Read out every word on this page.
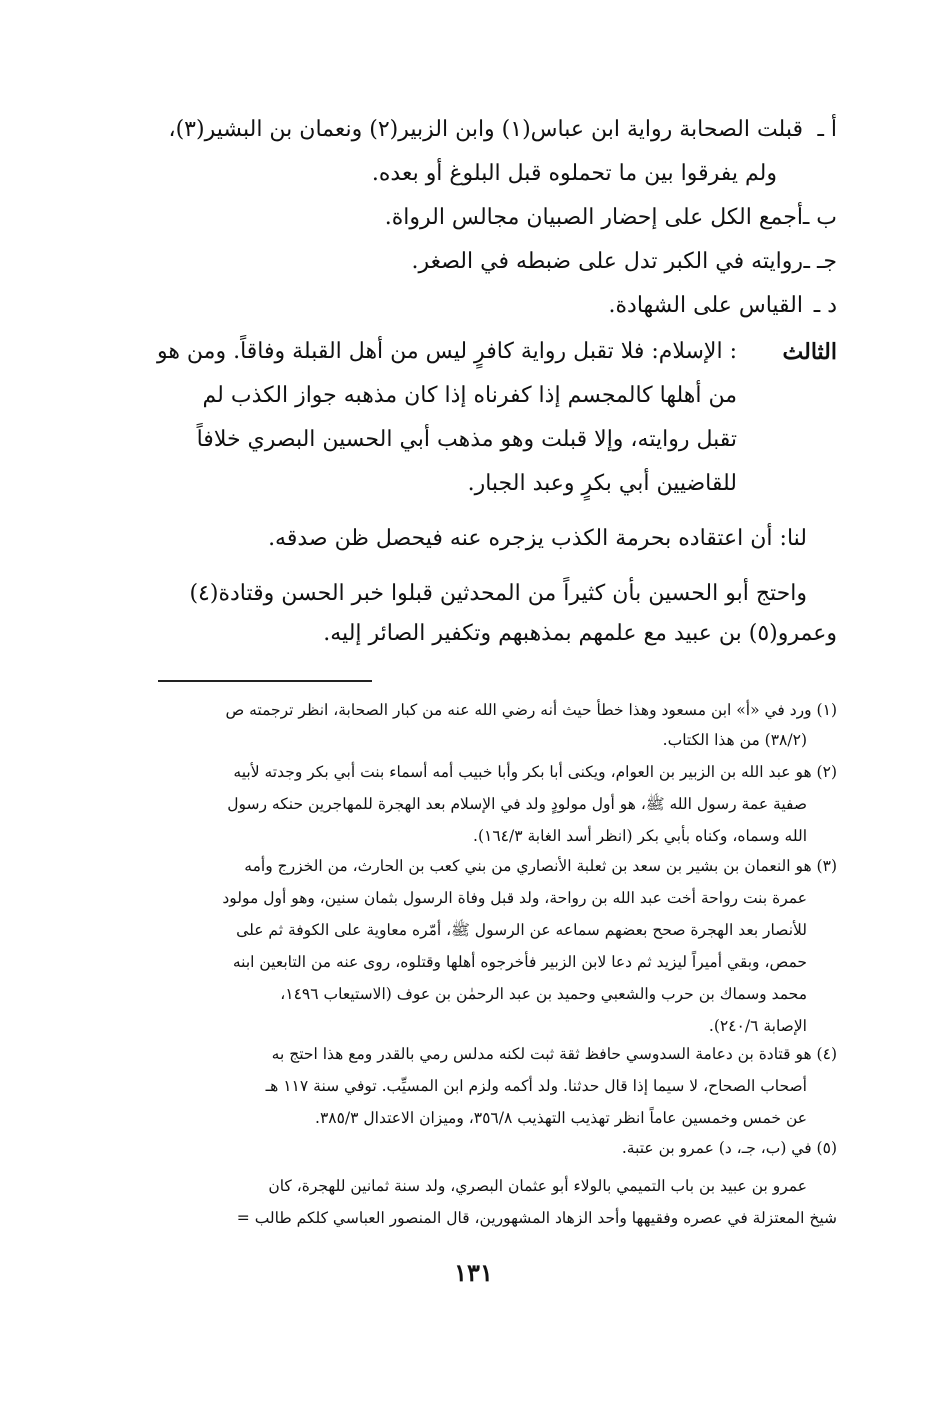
أ ـ
قبلت الصحابة رواية ابن عباس(١) وابن الزبير(٢) ونعمان بن البشير(٣)،
ولم يفرقوا بين ما تحملوه قبل البلوغ أو بعده.
ب ـ
أجمع الكل على إحضار الصبيان مجالس الرواة.
جـ ـ
روايته في الكبر تدل على ضبطه في الصغر.
د ـ
القياس على الشهادة.
الثالث
: الإسلام: فلا تقبل رواية كافرٍ ليس من أهل القبلة وفاقاً. ومن هو
من أهلها كالمجسم إذا كفرناه إذا كان مذهبه جواز الكذب لم
تقبل روايته، وإلا قبلت وهو مذهب أبي الحسين البصري خلافاً
للقاضيين أبي بكرٍ وعبد الجبار.
لنا: أن اعتقاده بحرمة الكذب يزجره عنه فيحصل ظن صدقه.
واحتج أبو الحسين بأن كثيراً من المحدثين قبلوا خبر الحسن وقتادة(٤)
وعمرو(٥) بن عبيد مع علمهم بمذهبهم وتكفير الصائر إليه.
(١) ورد في «أ» ابن مسعود وهذا خطأ حيث أنه رضي الله عنه من كبار الصحابة، انظر ترجمته ص
(٣٨/٢) من هذا الكتاب.
(٢) هو عبد الله بن الزبير بن العوام، ويكنى أبا بكر وأبا خبيب أمه أسماء بنت أبي بكر وجدته لأبيه
صفية عمة رسول الله ﷺ، هو أول مولودٍ ولد في الإسلام بعد الهجرة للمهاجرين حنكه رسول
الله وسماه، وكناه بأبي بكر (انظر أسد الغابة ١٦٤/٣).
(٣) هو النعمان بن بشير بن سعد بن ثعلبة الأنصاري من بني كعب بن الحارث، من الخزرج وأمه
عمرة بنت رواحة أخت عبد الله بن رواحة، ولد قبل وفاة الرسول بثمان سنين، وهو أول مولود
للأنصار بعد الهجرة صحح بعضهم سماعه عن الرسول ﷺ، أمّره معاوية على الكوفة ثم على
حمص، وبقي أميراً ليزيد ثم دعا لابن الزبير فأخرجوه أهلها وقتلوه، روى عنه من التابعين ابنه
محمد وسماك بن حرب والشعبي وحميد بن عبد الرحمٰن بن عوف (الاستيعاب ١٤٩٦،
الإصابة ٢٤٠/٦).
(٤) هو قتادة بن دعامة السدوسي حافظ ثقة ثبت لكنه مدلس رمي بالقدر ومع هذا احتج به
أصحاب الصحاح، لا سيما إذا قال حدثنا. ولد أكمه ولزم ابن المسيِّب. توفي سنة ١١٧ هـ
عن خمس وخمسين عاماً انظر تهذيب التهذيب ٣٥٦/٨، وميزان الاعتدال ٣٨٥/٣.
(٥) في (ب، جـ، د) عمرو بن عتبة.
عمرو بن عبيد بن باب التميمي بالولاء أبو عثمان البصري، ولد سنة ثمانين للهجرة، كان
شيخ المعتزلة في عصره وفقيهها وأحد الزهاد المشهورين، قال المنصور العباسي كلكم طالب =
١٣١
